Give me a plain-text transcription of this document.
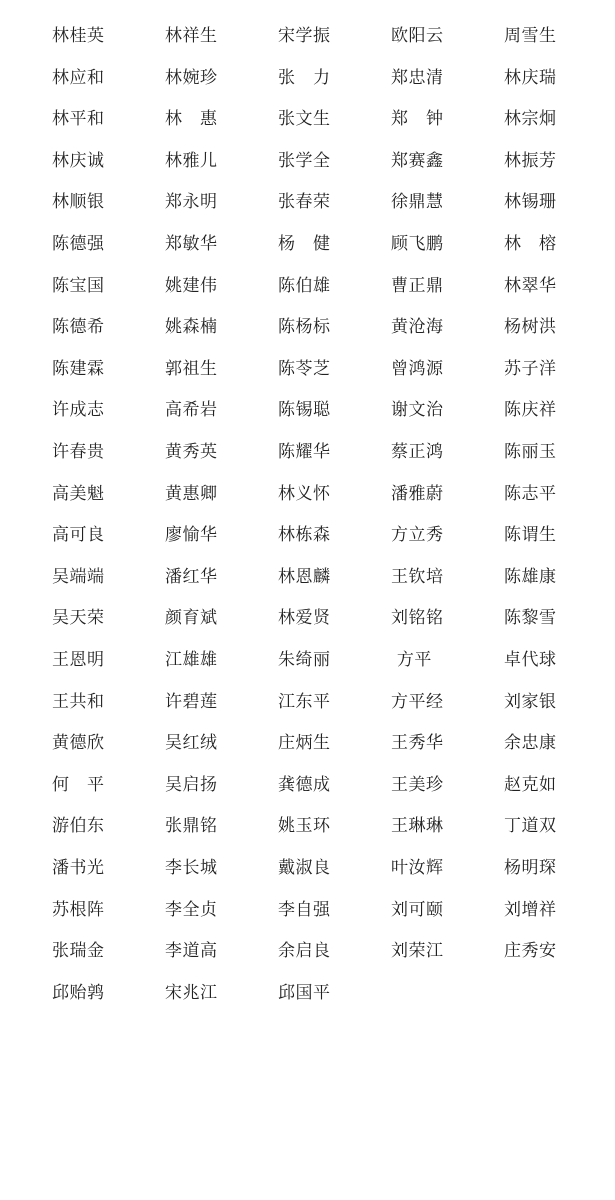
林桂英	林祥生	宋学振	欧阳云	周雪生
林应和	林婉珍	张　力	郑忠清	林庆瑞
林平和	林　惠	张文生	郑　钟	林宗炯
林庆诚	林雅儿	张学全	郑赛鑫	林振芳
林顺银	郑永明	张春荣	徐鼎慧	林锡珊
陈德强	郑敏华	杨　健	顾飞鹏	林　榕
陈宝国	姚建伟	陈伯雄	曹正鼎	林翠华
陈德希	姚森楠	陈杨标	黄沧海	杨树洪
陈建霖	郭祖生	陈苓芝	曾鸿源	苏子洋
许成志	高希岩	陈锡聪	谢文治	陈庆祥
许春贵	黄秀英	陈耀华	蔡正鸿	陈丽玉
高美魁	黄惠卿	林义怀	潘雅蔚	陈志平
高可良	廖愉华	林栋森	方立秀	陈谓生
吴端端	潘红华	林恩麟	王钦培	陈雄康
吴天荣	颜育斌	林爱贤	刘铭铭	陈黎雪
王恩明	江雄雄	朱绮丽	方平	卓代球
王共和	许碧莲	江东平	方平经	刘家银
黄德欣	吴红绒	庄炳生	王秀华	余忠康
何　平	吴启扬	龚德成	王美珍	赵克如
游伯东	张鼎铭	姚玉环	王琳琳	丁道双
潘书光	李长城	戴淑良	叶汝辉	杨明琛
苏根阵	李全贞	李自强	刘可颐	刘增祥
张瑞金	李道高	余启良	刘荣江	庄秀安
邱贻鹑	宋兆江	邱国平
